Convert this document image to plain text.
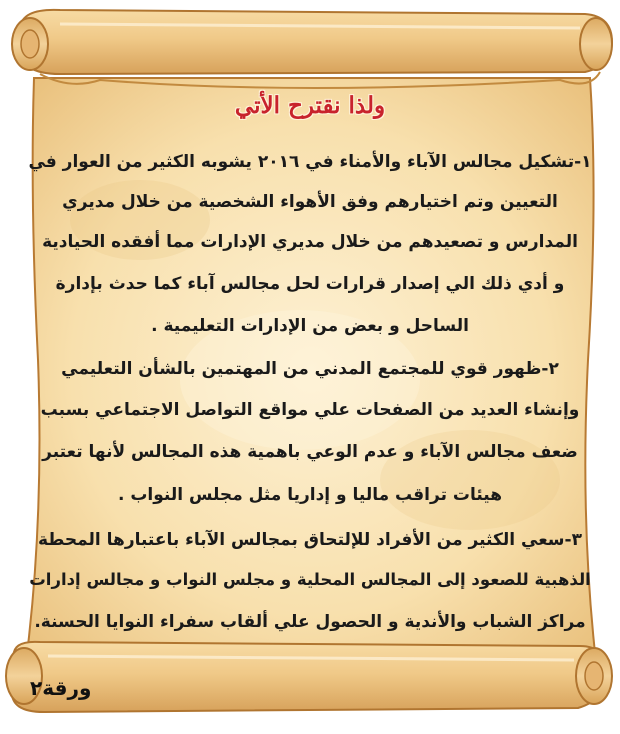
ولذا نقترح الأتي
١-تشكيل مجالس الآباء والأمناء في ٢٠١٦ يشوبه الكثير من العوار في
التعيين وتم اختيارهم وفق الأهواء الشخصية من خلال مديري
المدارس و تصعيدهم من خلال مديري الإدارات مما أفقده الحيادية
و أدي ذلك الي إصدار قرارات لحل مجالس آباء كما حدث بإدارة
الساحل و بعض من الإدارات التعليمية .
٢-ظهور قوي للمجتمع المدني من المهتمين بالشأن التعليمي
وإنشاء العديد من الصفحات علي مواقع التواصل الاجتماعي بسبب
ضعف مجالس الآباء و عدم الوعي باهمية هذه المجالس لأنها تعتبر
هيئات تراقب ماليا و إداريا مثل مجلس النواب .
٣-سعي الكثير من الأفراد للإلتحاق بمجالس الآباء باعتبارها المحطة
الذهبية للصعود إلى المجالس المحلية و مجلس النواب و مجالس إدارات
مراكز الشباب والأندية و الحصول علي ألقاب سفراء النوايا الحسنة.
ورقة٢
